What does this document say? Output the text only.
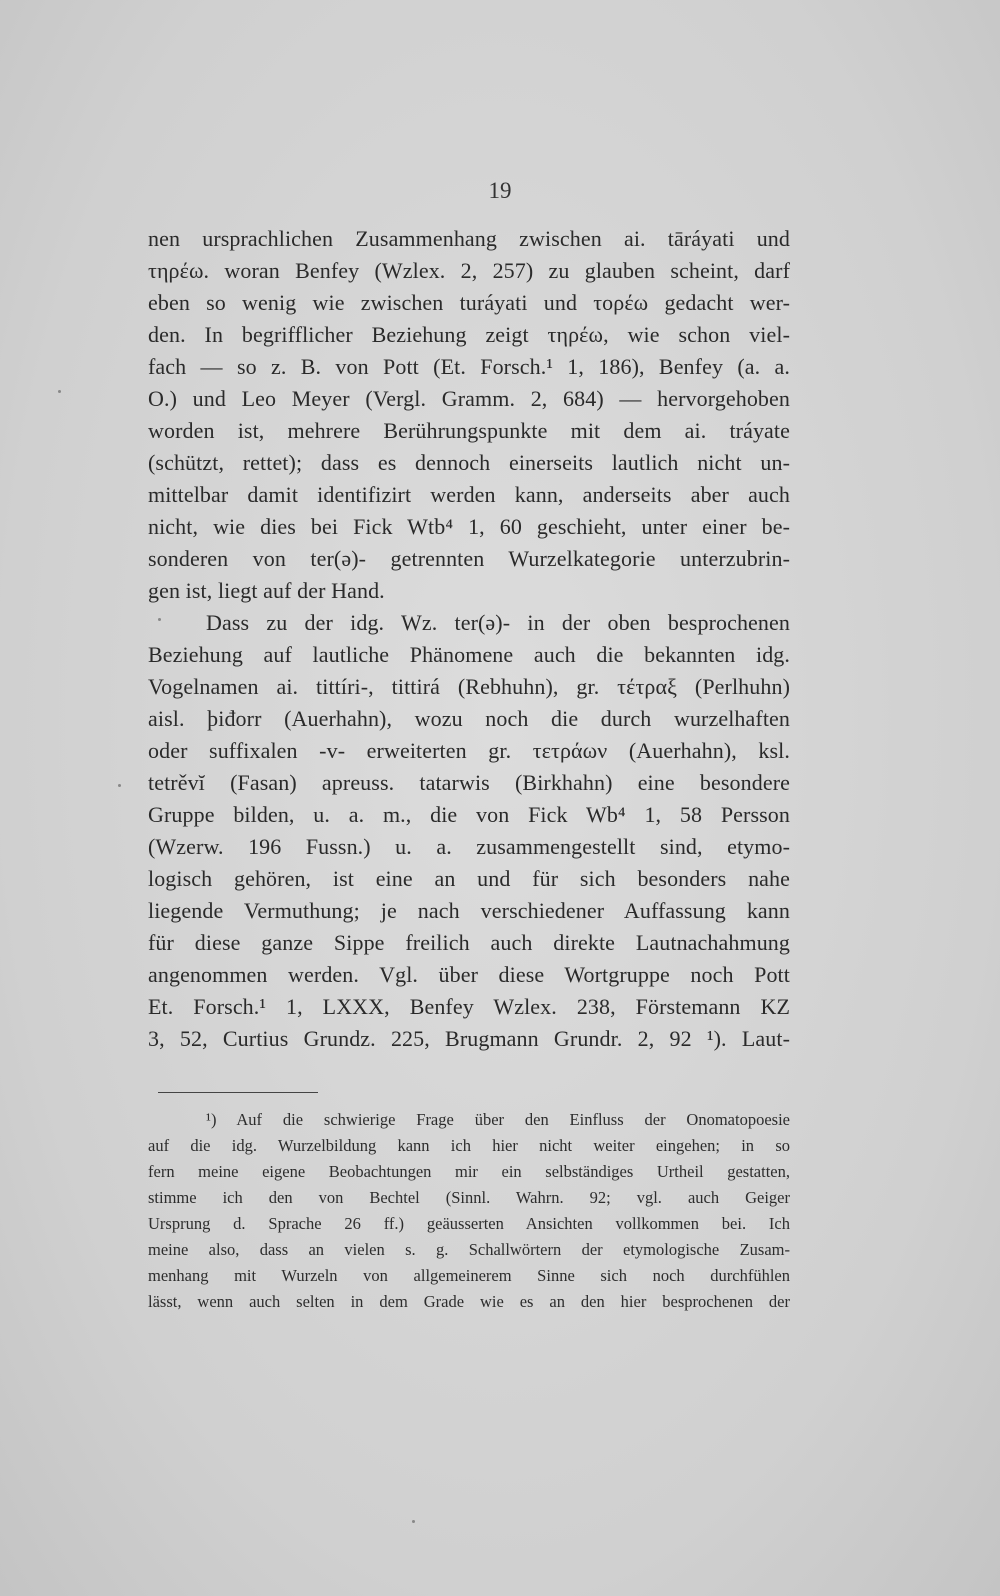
19
nen ursprachlichen Zusammenhang zwischen ai. tāráyati und
τηρέω. woran Benfey (Wzlex. 2, 257) zu glauben scheint, darf
eben so wenig wie zwischen turáyati und τορέω gedacht wer-
den. In begrifflicher Beziehung zeigt τηρέω, wie schon viel-
fach — so z. B. von Pott (Et. Forsch.¹ 1, 186), Benfey (a. a.
O.) und Leo Meyer (Vergl. Gramm. 2, 684) — hervorgehoben
worden ist, mehrere Berührungspunkte mit dem ai. tráyate
(schützt, rettet); dass es dennoch einerseits lautlich nicht un-
mittelbar damit identifizirt werden kann, anderseits aber auch
nicht, wie dies bei Fick Wtb⁴ 1, 60 geschieht, unter einer be-
sonderen von ter(ə)- getrennten Wurzelkategorie unterzubrin-
gen ist, liegt auf der Hand.
Dass zu der idg. Wz. ter(ə)- in der oben besprochenen
Beziehung auf lautliche Phänomene auch die bekannten idg.
Vogelnamen ai. tittíri-, tittirá (Rebhuhn), gr. τέτραξ (Perlhuhn)
aisl. þiđorr (Auerhahn), wozu noch die durch wurzelhaften
oder suffixalen -v- erweiterten gr. τετράων (Auerhahn), ksl.
tetrěvĭ (Fasan) apreuss. tatarwis (Birkhahn) eine besondere
Gruppe bilden, u. a. m., die von Fick Wb⁴ 1, 58 Persson
(Wzerw. 196 Fussn.) u. a. zusammengestellt sind, etymo-
logisch gehören, ist eine an und für sich besonders nahe
liegende Vermuthung; je nach verschiedener Auffassung kann
für diese ganze Sippe freilich auch direkte Lautnachahmung
angenommen werden. Vgl. über diese Wortgruppe noch Pott
Et. Forsch.¹ 1, LXXX, Benfey Wzlex. 238, Förstemann KZ
3, 52, Curtius Grundz. 225, Brugmann Grundr. 2, 92 ¹). Laut-
¹) Auf die schwierige Frage über den Einfluss der Onomatopoesie
auf die idg. Wurzelbildung kann ich hier nicht weiter eingehen; in so
fern meine eigene Beobachtungen mir ein selbständiges Urtheil gestatten,
stimme ich den von Bechtel (Sinnl. Wahrn. 92; vgl. auch Geiger
Ursprung d. Sprache 26 ff.) geäusserten Ansichten vollkommen bei. Ich
meine also, dass an vielen s. g. Schallwörtern der etymologische Zusam-
menhang mit Wurzeln von allgemeinerem Sinne sich noch durchfühlen
lässt, wenn auch selten in dem Grade wie es an den hier besprochenen der
